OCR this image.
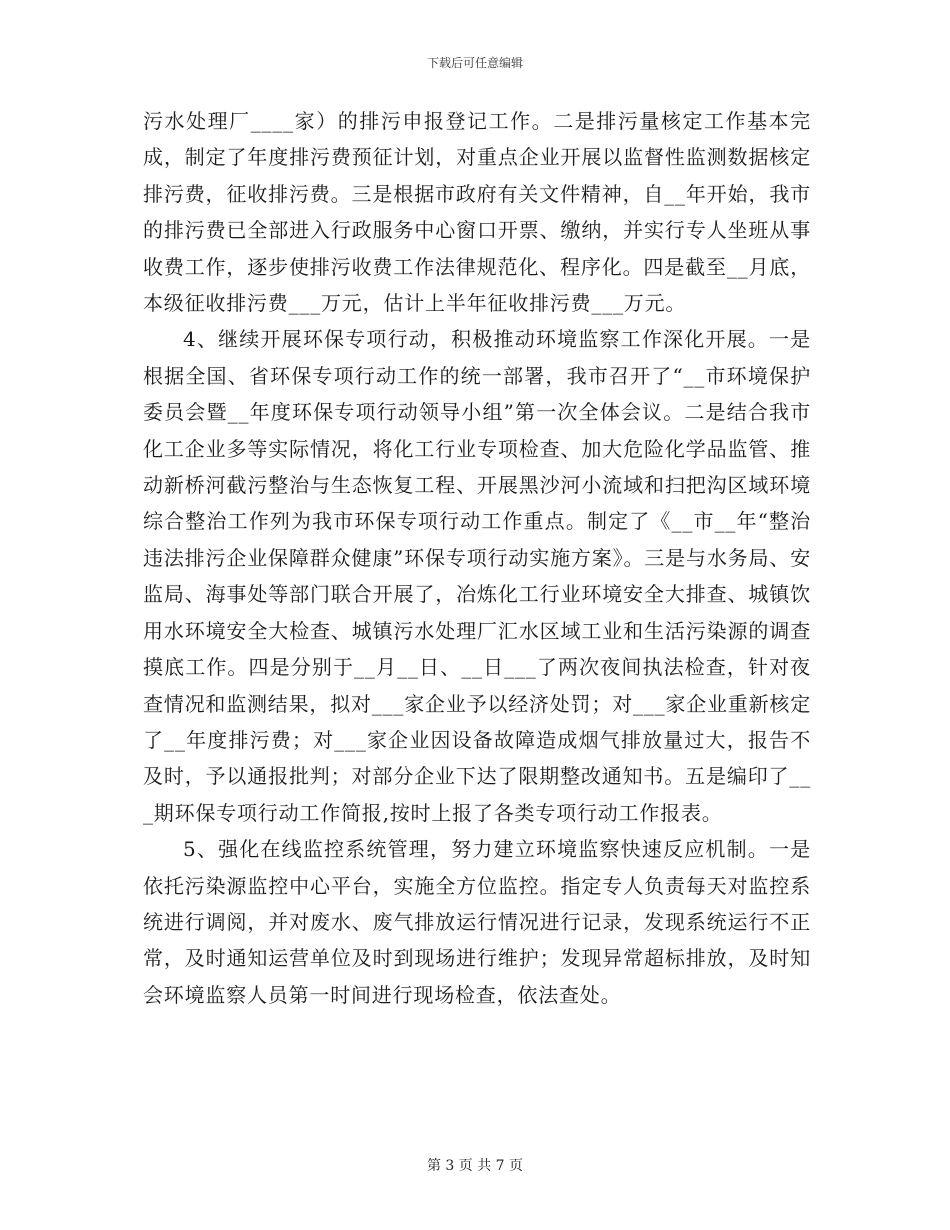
下载后可任意编辑

污水处理厂____家）的排污申报登记工作。二是排污量核定工作基本完成，制定了年度排污费预征计划，对重点企业开展以监督性监测数据核定排污费，征收排污费。三是根据市政府有关文件精神，自__年开始，我市的排污费已全部进入行政服务中心窗口开票、缴纳，并实行专人坐班从事收费工作，逐步使排污收费工作法律规范化、程序化。四是截至__月底，本级征收排污费___万元，估计上半年征收排污费___万元。

4、继续开展环保专项行动，积极推动环境监察工作深化开展。一是根据全国、省环保专项行动工作的统一部署，我市召开了“__市环境保护委员会暨__年度环保专项行动领导小组”第一次全体会议。二是结合我市化工企业多等实际情况，将化工行业专项检查、加大危险化学品监管、推动新桥河截污整治与生态恢复工程、开展黑沙河小流域和扫把沟区域环境综合整治工作列为我市环保专项行动工作重点。制定了《__市__年“整治违法排污企业保障群众健康”环保专项行动实施方案》。三是与水务局、安监局、海事处等部门联合开展了，冶炼化工行业环境安全大排查、城镇饮用水环境安全大检查、城镇污水处理厂汇水区域工业和生活污染源的调查摸底工作。四是分别于__月__日、__日___了两次夜间执法检查，针对夜查情况和监测结果，拟对___家企业予以经济处罚；对___家企业重新核定了__年度排污费；对___家企业因设备故障造成烟气排放量过大，报告不及时，予以通报批判；对部分企业下达了限期整改通知书。五是编印了___期环保专项行动工作简报,按时上报了各类专项行动工作报表。

5、强化在线监控系统管理，努力建立环境监察快速反应机制。一是依托污染源监控中心平台，实施全方位监控。指定专人负责每天对监控系统进行调阅，并对废水、废气排放运行情况进行记录，发现系统运行不正常，及时通知运营单位及时到现场进行维护；发现异常超标排放，及时知会环境监察人员第一时间进行现场检查，依法查处。

第 3 页 共 7 页
